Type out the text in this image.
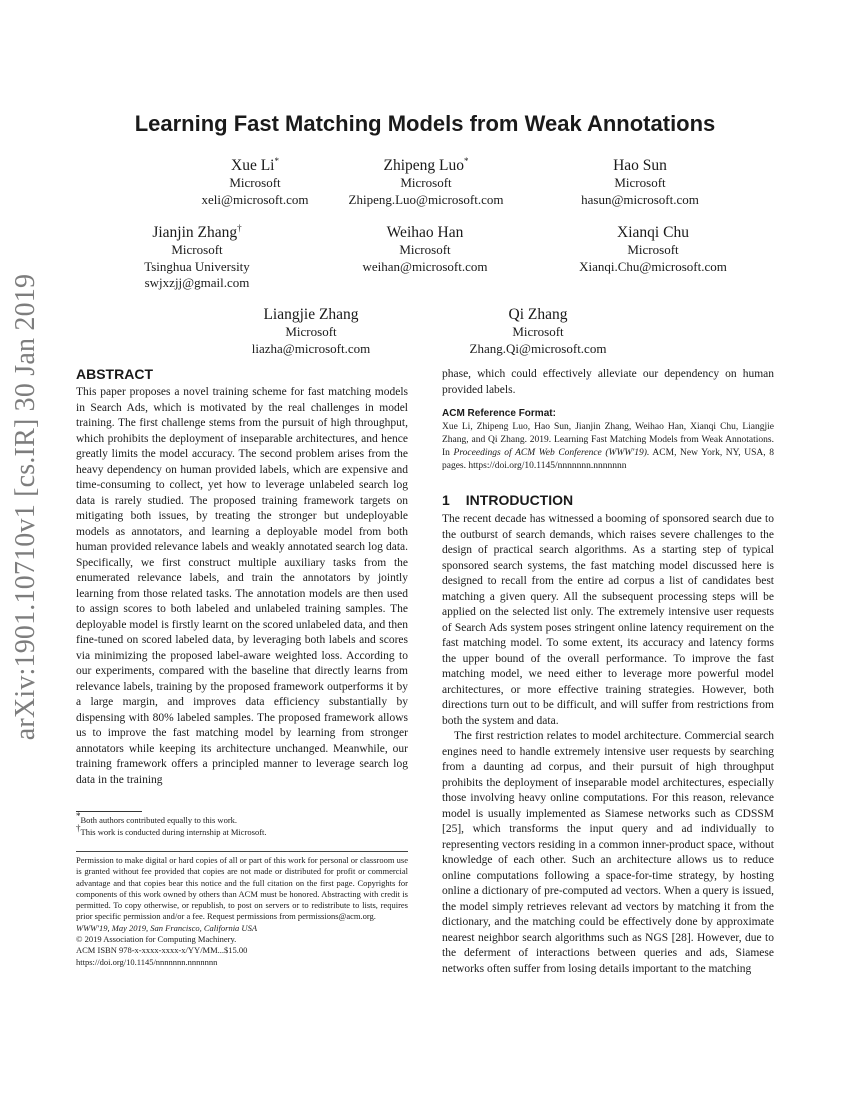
arXiv:1901.10710v1 [cs.IR] 30 Jan 2019
Learning Fast Matching Models from Weak Annotations
Xue Li*
Microsoft
xeli@microsoft.com
Zhipeng Luo*
Microsoft
Zhipeng.Luo@microsoft.com
Hao Sun
Microsoft
hasun@microsoft.com
Jianjin Zhang†
Microsoft
Tsinghua University
swjxzjj@gmail.com
Weihao Han
Microsoft
weihan@microsoft.com
Xianqi Chu
Microsoft
Xianqi.Chu@microsoft.com
Liangjie Zhang
Microsoft
liazha@microsoft.com
Qi Zhang
Microsoft
Zhang.Qi@microsoft.com
ABSTRACT

This paper proposes a novel training scheme for fast matching models in Search Ads, which is motivated by the real challenges in model training. The first challenge stems from the pursuit of high throughput, which prohibits the deployment of inseparable architectures, and hence greatly limits the model accuracy. The second problem arises from the heavy dependency on human provided labels, which are expensive and time-consuming to collect, yet how to leverage unlabeled search log data is rarely studied. The proposed training framework targets on mitigating both issues, by treating the stronger but undeployable models as annotators, and learning a deployable model from both human provided relevance labels and weakly annotated search log data. Specifically, we first construct multiple auxiliary tasks from the enumerated relevance labels, and train the annotators by jointly learning from those related tasks. The annotation models are then used to assign scores to both labeled and unlabeled training samples. The deployable model is firstly learnt on the scored unlabeled data, and then fine-tuned on scored labeled data, by leveraging both labels and scores via minimizing the proposed label-aware weighted loss. According to our experiments, compared with the baseline that directly learns from relevance labels, training by the proposed framework outperforms it by a large margin, and improves data efficiency substantially by dispensing with 80% labeled samples. The proposed framework allows us to improve the fast matching model by learning from stronger annotators while keeping its architecture unchanged. Meanwhile, our training framework offers a principled manner to leverage search log data in the training

*Both authors contributed equally to this work.
†This work is conducted during internship at Microsoft.
Permission to make digital or hard copies of all or part of this work for personal or classroom use is granted without fee provided that copies are not made or distributed for profit or commercial advantage and that copies bear this notice and the full citation on the first page. Copyrights for components of this work owned by others than ACM must be honored. Abstracting with credit is permitted. To copy otherwise, or republish, to post on servers or to redistribute to lists, requires prior specific permission and/or a fee. Request permissions from permissions@acm.org.
WWW'19, May 2019, San Francisco, California USA
© 2019 Association for Computing Machinery.
ACM ISBN 978-x-xxxx-xxxx-x/YY/MM...$15.00
https://doi.org/10.1145/nnnnnnn.nnnnnnn

phase, which could effectively alleviate our dependency on human provided labels.

ACM Reference Format:

Xue Li, Zhipeng Luo, Hao Sun, Jianjin Zhang, Weihao Han, Xianqi Chu, Liangjie Zhang, and Qi Zhang. 2019. Learning Fast Matching Models from Weak Annotations. In Proceedings of ACM Web Conference (WWW'19). ACM, New York, NY, USA, 8 pages. https://doi.org/10.1145/nnnnnnn.nnnnnnn

1 INTRODUCTION

The recent decade has witnessed a booming of sponsored search due to the outburst of search demands, which raises severe challenges to the design of practical search algorithms. As a starting step of typical sponsored search systems, the fast matching model discussed here is designed to recall from the entire ad corpus a list of candidates best matching a given query. All the subsequent processing steps will be applied on the selected list only. The extremely intensive user requests of Search Ads system poses stringent online latency requirement on the fast matching model. To some extent, its accuracy and latency forms the upper bound of the overall performance. To improve the fast matching model, we need either to leverage more powerful model architectures, or more effective training strategies. However, both directions turn out to be difficult, and will suffer from restrictions from both the system and data.

The first restriction relates to model architecture. Commercial search engines need to handle extremely intensive user requests by searching from a daunting ad corpus, and their pursuit of high throughput prohibits the deployment of inseparable model architectures, especially those involving heavy online computations. For this reason, relevance model is usually implemented as Siamese networks such as CDSSM [25], which transforms the input query and ad individually to representing vectors residing in a common inner-product space, without knowledge of each other. Such an architecture allows us to reduce online computations following a space-for-time strategy, by hosting online a dictionary of pre-computed ad vectors. When a query is issued, the model simply retrieves relevant ad vectors by matching it from the dictionary, and the matching could be effectively done by approximate nearest neighbor search algorithms such as NGS [28]. However, due to the deferment of interactions between queries and ads, Siamese networks often suffer from losing details important to the matching
